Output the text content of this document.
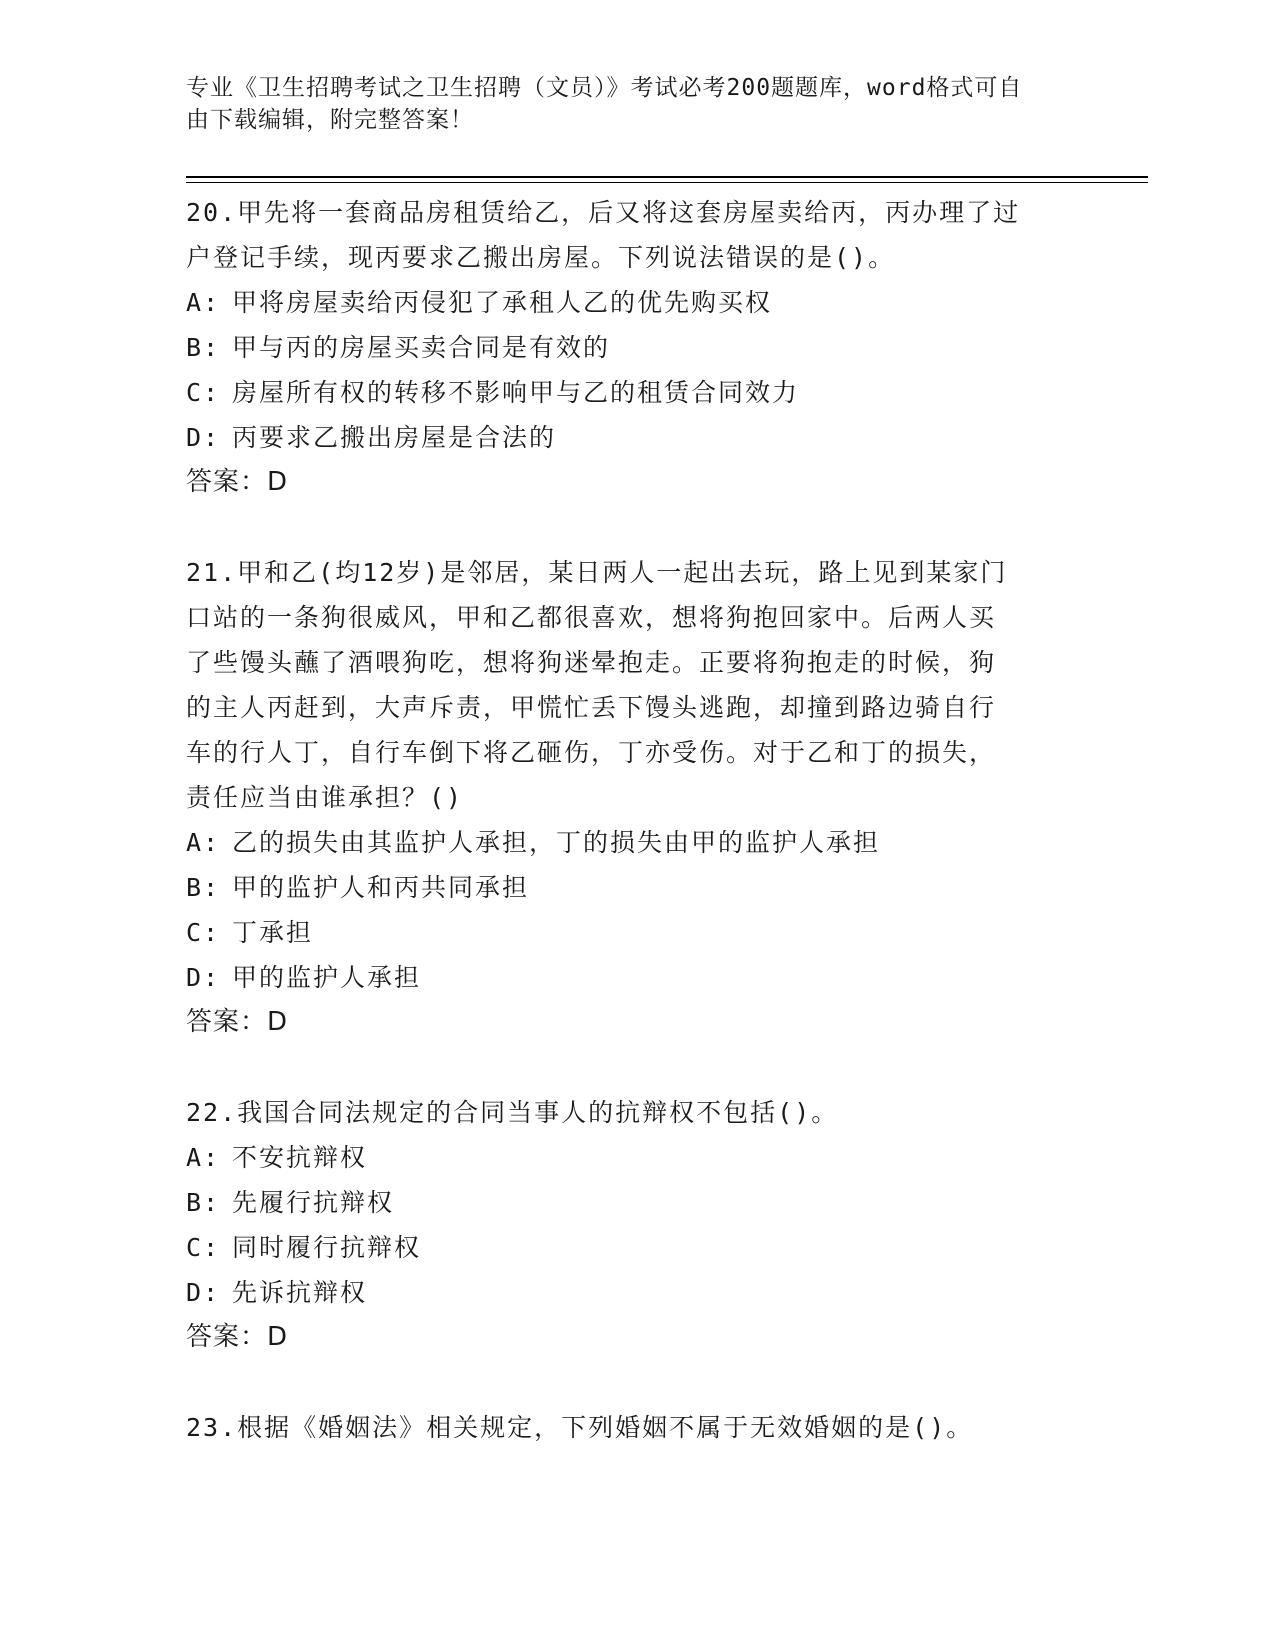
专业《卫生招聘考试之卫生招聘（文员）》考试必考200题题库，word格式可自
由下载编辑，附完整答案！

20.甲先将一套商品房租赁给乙，后又将这套房屋卖给丙，丙办理了过

户登记手续，现丙要求乙搬出房屋。下列说法错误的是()。

A: 甲将房屋卖给丙侵犯了承租人乙的优先购买权

B: 甲与丙的房屋买卖合同是有效的

C: 房屋所有权的转移不影响甲与乙的租赁合同效力

D: 丙要求乙搬出房屋是合法的

答案：D

21.甲和乙(均12岁)是邻居，某日两人一起出去玩，路上见到某家门

口站的一条狗很威风，甲和乙都很喜欢，想将狗抱回家中。后两人买

了些馒头蘸了酒喂狗吃，想将狗迷晕抱走。正要将狗抱走的时候，狗

的主人丙赶到，大声斥责，甲慌忙丢下馒头逃跑，却撞到路边骑自行

车的行人丁，自行车倒下将乙砸伤，丁亦受伤。对于乙和丁的损失，

责任应当由谁承担？()

A: 乙的损失由其监护人承担，丁的损失由甲的监护人承担

B: 甲的监护人和丙共同承担

C: 丁承担

D: 甲的监护人承担

答案：D

22.我国合同法规定的合同当事人的抗辩权不包括()。

A: 不安抗辩权

B: 先履行抗辩权

C: 同时履行抗辩权

D: 先诉抗辩权

答案：D

23.根据《婚姻法》相关规定，下列婚姻不属于无效婚姻的是()。
